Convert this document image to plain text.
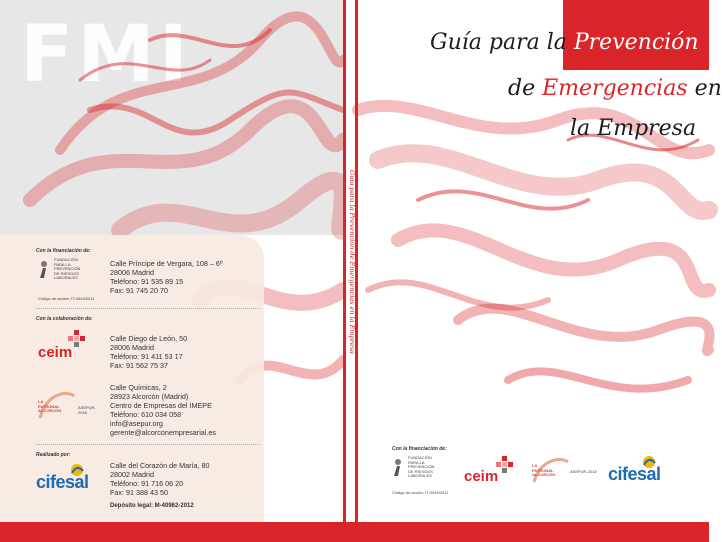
FMI
Con la financiación de:
FUNDACIÓN
PARA LA
PREVENCIÓN
DE RIESGOS
LABORALES
Código de acción: IT-0049/2011
Calle Príncipe de Vergara, 108 – 6º
28006 Madrid
Teléfono: 91 535 89 15
Fax: 91 745 20 70
Con la colaboración de:
ceim
Calle Diego de León, 50
28006 Madrid
Teléfono: 91 411 53 17
Fax: 91 562 75 37
LA
PATRONAL
ALCORCÓN
ASEPUR-2018
Calle Químicas, 2
28923 Alcorcón (Madrid)
Centro de Empresas del IMEPE
Teléfono: 610 034 058
info@asepur.org
gerente@alcorconempresarial.es
Realizado por:
cifesal
Calle del Corazón de María, 80
28002 Madrid
Teléfono: 91 716 06 20
Fax: 91 388 43 50
Depósito legal: M-40962-2012
Guía para la Prevención de Emergencias en la Empresa
Guía para la Prevención
de Emergencias en
la Empresa
Con la financiación de:
FUNDACIÓN
PARA LA
PREVENCIÓN
DE RIESGOS
LABORALES
Código de acción: IT-0049/2011
ceim
LA
PATRONAL
ALCORCÓN
ASEPUR-2018 cifesal
